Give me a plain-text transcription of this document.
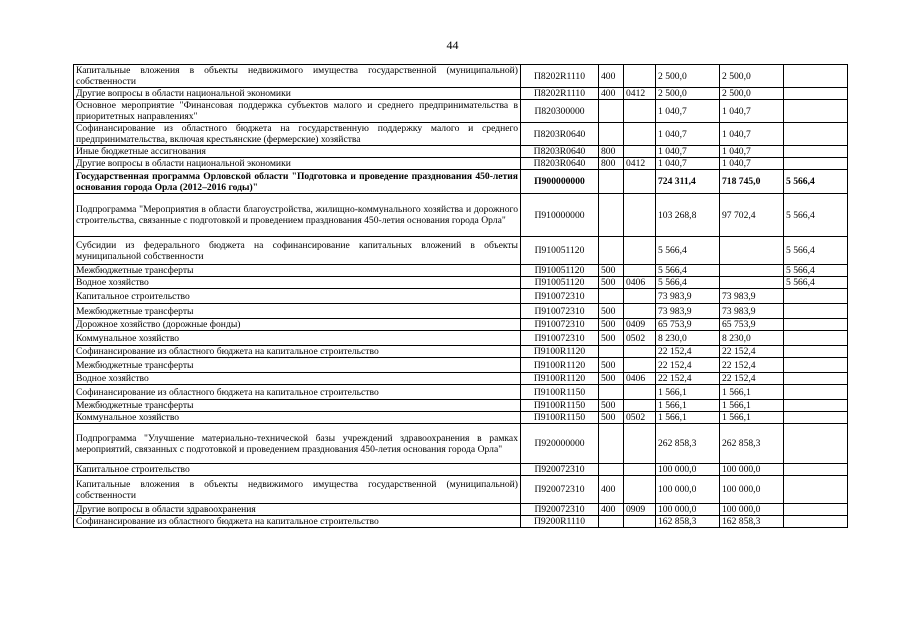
44
Капитальные вложения в объекты недвижимого имущества государственной (муниципальной) собственности	П8202R1110	400		2 500,0	2 500,0	
Другие вопросы в области национальной экономики	П8202R1110	400	0412	2 500,0	2 500,0	
Основное мероприятие "Финансовая поддержка субъектов малого и среднего предпринимательства в приоритетных направлениях"	П820300000			1 040,7	1 040,7	
Софинансирование из областного бюджета на государственную поддержку малого и среднего предпринимательства, включая крестьянские (фермерские) хозяйства	П8203R0640			1 040,7	1 040,7	
Иные бюджетные ассигнования	П8203R0640	800		1 040,7	1 040,7	
Другие вопросы в области национальной экономики	П8203R0640	800	0412	1 040,7	1 040,7	
Государственная программа Орловской области "Подготовка и проведение празднования 450-летия основания города Орла (2012–2016 годы)"	П900000000			724 311,4	718 745,0	5 566,4
Подпрограмма "Мероприятия в области благоустройства, жилищно-коммунального хозяйства и дорожного строительства, связанные с подготовкой и проведением празднования 450-летия основания города Орла"	П910000000			103 268,8	97 702,4	5 566,4
Субсидии из федерального бюджета на софинансирование капитальных вложений в объекты муниципальной собственности	П910051120			5 566,4		5 566,4
Межбюджетные трансферты	П910051120	500		5 566,4		5 566,4
Водное хозяйство	П910051120	500	0406	5 566,4		5 566,4
Капитальное строительство	П910072310			73 983,9	73 983,9	
Межбюджетные трансферты	П910072310	500		73 983,9	73 983,9	
Дорожное хозяйство (дорожные фонды)	П910072310	500	0409	65 753,9	65 753,9	
Коммунальное хозяйство	П910072310	500	0502	8 230,0	8 230,0	
Софинансирование из областного бюджета на капитальное строительство	П9100R1120			22 152,4	22 152,4	
Межбюджетные трансферты	П9100R1120	500		22 152,4	22 152,4	
Водное хозяйство	П9100R1120	500	0406	22 152,4	22 152,4	
Софинансирование из областного бюджета на капитальное строительство	П9100R1150			1 566,1	1 566,1	
Межбюджетные трансферты	П9100R1150	500		1 566,1	1 566,1	
Коммунальное хозяйство	П9100R1150	500	0502	1 566,1	1 566,1	
Подпрограмма "Улучшение материально-технической базы учреждений здравоохранения в рамках мероприятий, связанных с подготовкой и проведением празднования 450-летия основания города Орла"	П920000000			262 858,3	262 858,3	
Капитальное строительство	П920072310			100 000,0	100 000,0	
Капитальные вложения в объекты недвижимого имущества государственной (муниципальной) собственности	П920072310	400		100 000,0	100 000,0	
Другие вопросы в области здравоохранения	П920072310	400	0909	100 000,0	100 000,0	
Софинансирование из областного бюджета на капитальное строительство	П9200R1110			162 858,3	162 858,3	
